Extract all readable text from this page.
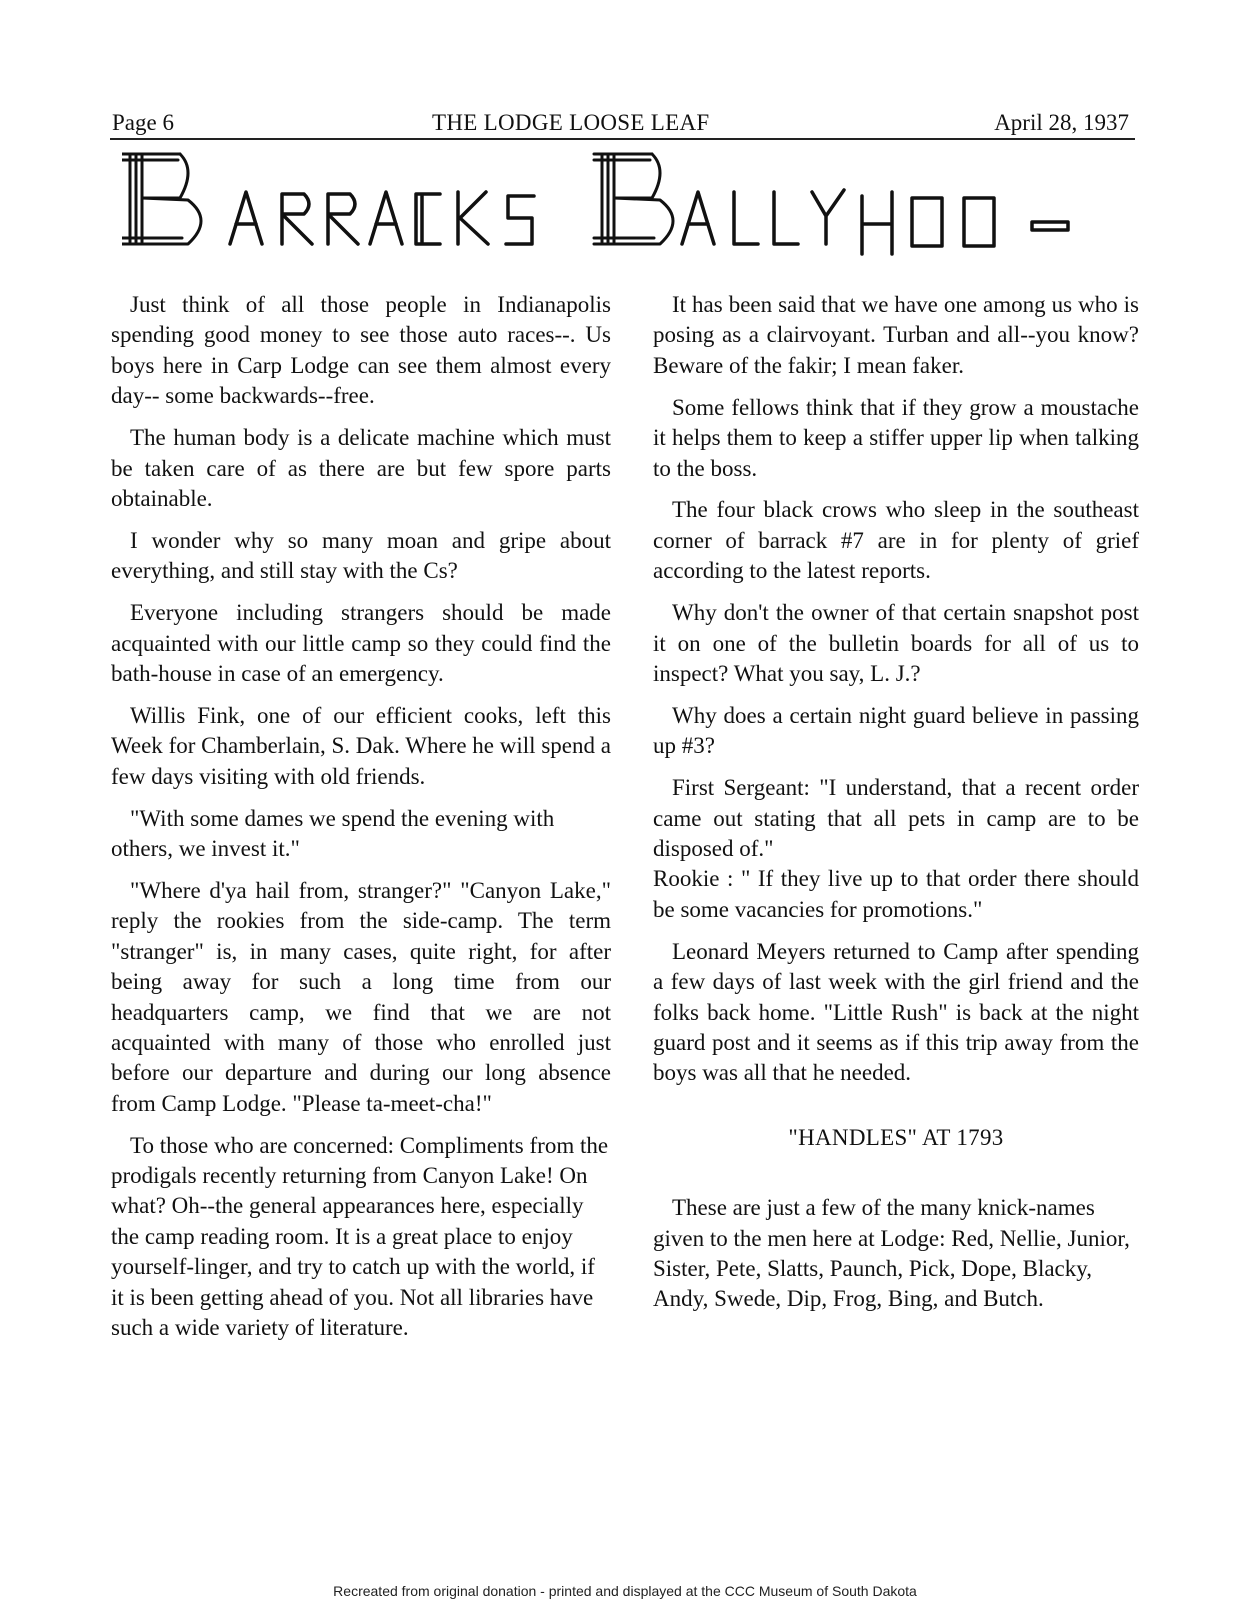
Page 6	THE LODGE LOOSE LEAF	April 28, 1937

Just think of all those people in Indianapolis spending good money to see those auto races--. Us boys here in Carp Lodge can see them almost every day-- some backwards--free.

The human body is a delicate machine which must be taken care of as there are but few spore parts obtainable.

I wonder why so many moan and gripe about everything, and still stay with the Cs?

Everyone including strangers should be made acquainted with our little camp so they could find the bath-house in case of an emergency.

Willis Fink, one of our efficient cooks, left this Week for Chamberlain, S. Dak. Where he will spend a few days visiting with old friends.

"With some dames we spend the evening with others, we invest it."

"Where d'ya hail from, stranger?" "Canyon Lake," reply the rookies from the side-camp. The term "stranger" is, in many cases, quite right, for after being away for such a long time from our headquarters camp, we find that we are not acquainted with many of those who enrolled just before our departure and during our long absence from Camp Lodge. "Please ta-meet-cha!"

To those who are concerned: Compliments from the prodigals recently returning from Canyon Lake! On what? Oh--the general appearances here, especially the camp reading room. It is a great place to enjoy yourself-linger, and try to catch up with the world, if it is been getting ahead of you. Not all libraries have such a wide variety of literature.

It has been said that we have one among us who is posing as a clairvoyant. Turban and all--you know? Beware of the fakir; I mean faker.

Some fellows think that if they grow a moustache it helps them to keep a stiffer upper lip when talking to the boss.

The four black crows who sleep in the southeast corner of barrack #7 are in for plenty of grief according to the latest reports.

Why don't the owner of that certain snapshot post it on one of the bulletin boards for all of us to inspect? What you say, L. J.?

Why does a certain night guard believe in passing up #3?

First Sergeant: "I understand, that a recent order came out stating that all pets in camp are to be disposed of."

Rookie : " If they live up to that order there should be some vacancies for promotions."

Leonard Meyers returned to Camp after spending a few days of last week with the girl friend and the folks back home. "Little Rush" is back at the night guard post and it seems as if this trip away from the boys was all that he needed.

"HANDLES" AT 1793

These are just a few of the many knick-names given to the men here at Lodge: Red, Nellie, Junior, Sister, Pete, Slatts, Paunch, Pick, Dope, Blacky, Andy, Swede, Dip, Frog, Bing, and Butch.

Recreated from original donation - printed and displayed at the CCC Museum of South Dakota
